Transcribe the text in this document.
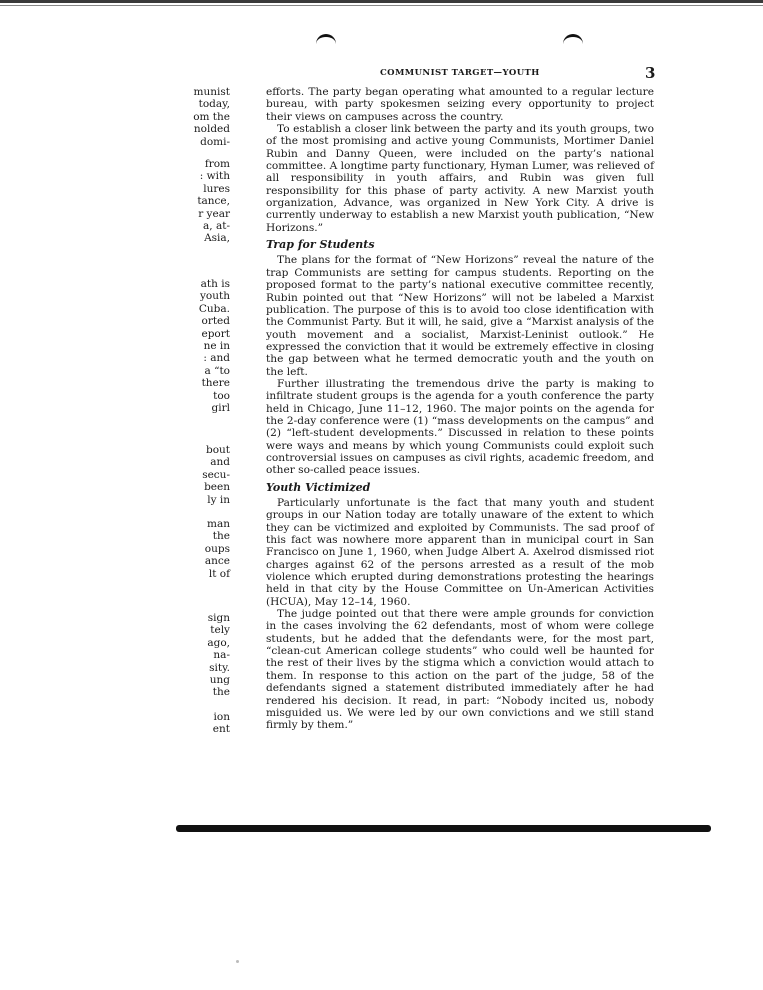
COMMUNIST TARGET—YOUTH	3
munist
today,
om the
nolded
domi-
from
: with
lures
tance,
r year
a, at-
Asia,
ath is
youth
Cuba.
orted
eport
ne in
: and
a “to
there
too
girl
bout
and
secu-
been
ly in
man
the
oups
ance
lt of
sign
tely
ago,
na-
sity.
ung
the
ion
ent

efforts. The party began operating what amounted to a regular lecture bureau, with party spokesmen seizing every opportunity to project their views on campuses across the country.

To establish a closer link between the party and its youth groups, two of the most promising and active young Communists, Mortimer Daniel Rubin and Danny Queen, were included on the party’s national committee. A longtime party functionary, Hyman Lumer, was relieved of all responsibility in youth affairs, and Rubin was given full responsibility for this phase of party activity. A new Marxist youth organization, Advance, was organized in New York City. A drive is currently underway to establish a new Marxist youth publication, “New Horizons.”

Trap for Students

The plans for the format of “New Horizons” reveal the nature of the trap Communists are setting for campus students. Reporting on the proposed format to the party’s national executive committee recently, Rubin pointed out that “New Horizons” will not be labeled a Marxist publication. The purpose of this is to avoid too close identification with the Communist Party. But it will, he said, give a “Marxist analysis of the youth movement and a socialist, Marxist-Leninist outlook.” He expressed the conviction that it would be extremely effective in closing the gap between what he termed democratic youth and the youth on the left.

Further illustrating the tremendous drive the party is making to infiltrate student groups is the agenda for a youth conference the party held in Chicago, June 11–12, 1960. The major points on the agenda for the 2-day conference were (1) “mass developments on the campus” and (2) “left-student developments.” Discussed in relation to these points were ways and means by which young Communists could exploit such controversial issues on campuses as civil rights, academic freedom, and other so-called peace issues.

Youth Victimized

Particularly unfortunate is the fact that many youth and student groups in our Nation today are totally unaware of the extent to which they can be victimized and exploited by Communists. The sad proof of this fact was nowhere more apparent than in municipal court in San Francisco on June 1, 1960, when Judge Albert A. Axelrod dismissed riot charges against 62 of the persons arrested as a result of the mob violence which erupted during demonstrations protesting the hearings held in that city by the House Committee on Un-American Activities (HCUA), May 12–14, 1960.

The judge pointed out that there were ample grounds for conviction in the cases involving the 62 defendants, most of whom were college students, but he added that the defendants were, for the most part, “clean-cut American college students” who could well be haunted for the rest of their lives by the stigma which a conviction would attach to them. In response to this action on the part of the judge, 58 of the defendants signed a statement distributed immediately after he had rendered his decision. It read, in part: “Nobody incited us, nobody misguided us. We were led by our own convictions and we still stand firmly by them.”
